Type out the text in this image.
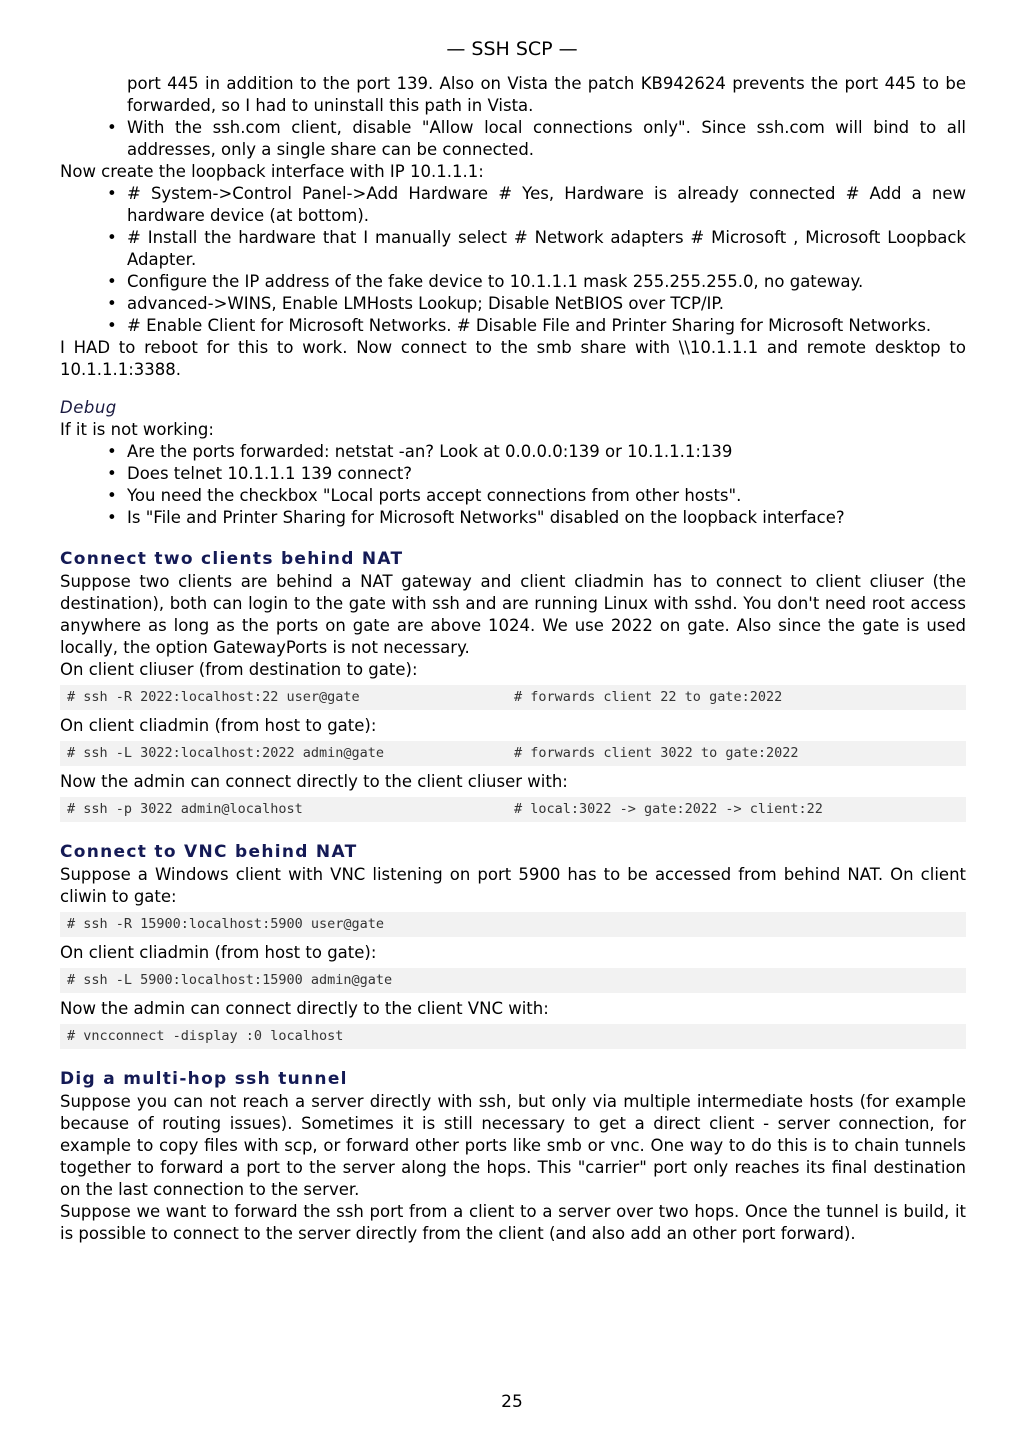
— SSH SCP —
port 445 in addition to the port 139. Also on Vista the patch KB942624 prevents the port 445 to be forwarded, so I had to uninstall this path in Vista.
• With the ssh.com client, disable "Allow local connections only". Since ssh.com will bind to all addresses, only a single share can be connected.

Now create the loopback interface with IP 10.1.1.1:

• # System->Control Panel->Add Hardware # Yes, Hardware is already connected # Add a new hardware device (at bottom).
• # Install the hardware that I manually select # Network adapters # Microsoft , Microsoft Loopback Adapter.
• Configure the IP address of the fake device to 10.1.1.1 mask 255.255.255.0, no gateway.
• advanced->WINS, Enable LMHosts Lookup; Disable NetBIOS over TCP/IP.
• # Enable Client for Microsoft Networks. # Disable File and Printer Sharing for Microsoft Networks.

I HAD to reboot for this to work. Now connect to the smb share with \\10.1.1.1 and remote desktop to 10.1.1.1:3388.

Debug

If it is not working:

• Are the ports forwarded: netstat -an? Look at 0.0.0.0:139 or 10.1.1.1:139
• Does telnet 10.1.1.1 139 connect?
• You need the checkbox "Local ports accept connections from other hosts".
• Is "File and Printer Sharing for Microsoft Networks" disabled on the loopback interface?
Connect two clients behind NAT

Suppose two clients are behind a NAT gateway and client cliadmin has to connect to client cliuser (the destination), both can login to the gate with ssh and are running Linux with sshd. You don't need root access anywhere as long as the ports on gate are above 1024. We use 2022 on gate. Also since the gate is used locally, the option GatewayPorts is not necessary.

On client cliuser (from destination to gate):

# ssh -R 2022:localhost:22 user@gate	# forwards client 22 to gate:2022

On client cliadmin (from host to gate):

# ssh -L 3022:localhost:2022 admin@gate	# forwards client 3022 to gate:2022

Now the admin can connect directly to the client cliuser with:

# ssh -p 3022 admin@localhost	# local:3022 -> gate:2022 -> client:22
Connect to VNC behind NAT

Suppose a Windows client with VNC listening on port 5900 has to be accessed from behind NAT. On client cliwin to gate:

# ssh -R 15900:localhost:5900 user@gate

On client cliadmin (from host to gate):

# ssh -L 5900:localhost:15900 admin@gate

Now the admin can connect directly to the client VNC with:

# vncconnect -display :0 localhost
Dig a multi-hop ssh tunnel

Suppose you can not reach a server directly with ssh, but only via multiple intermediate hosts (for example because of routing issues). Sometimes it is still necessary to get a direct client - server connection, for example to copy files with scp, or forward other ports like smb or vnc. One way to do this is to chain tunnels together to forward a port to the server along the hops. This "carrier" port only reaches its final destination on the last connection to the server.

Suppose we want to forward the ssh port from a client to a server over two hops. Once the tunnel is build, it is possible to connect to the server directly from the client (and also add an other port forward).

25
